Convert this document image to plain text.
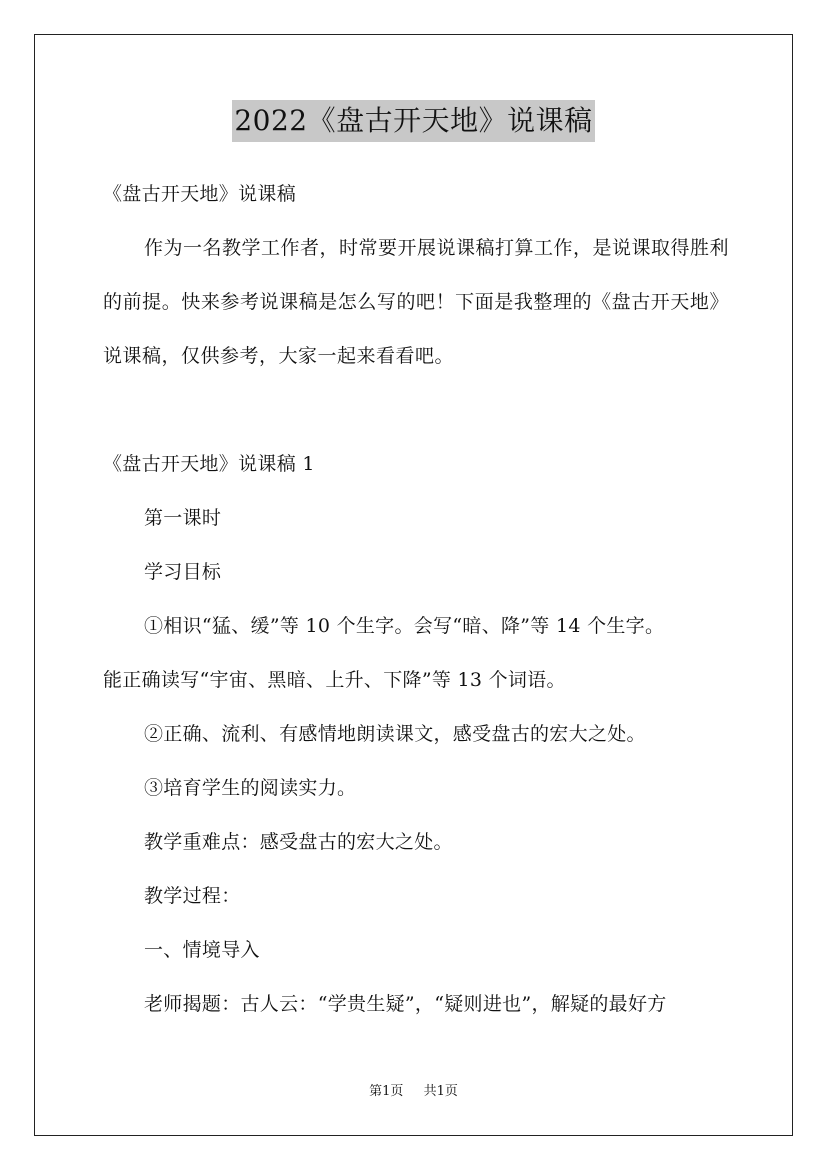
2022《盘古开天地》说课稿

《盘古开天地》说课稿

作为一名教学工作者，时常要开展说课稿打算工作，是说课取得胜利的前提。快来参考说课稿是怎么写的吧！下面是我整理的《盘古开天地》说课稿，仅供参考，大家一起来看看吧。

《盘古开天地》说课稿 1

第一课时

学习目标

①相识“猛、缓”等 10 个生字。会写“暗、降”等 14 个生字。

能正确读写“宇宙、黑暗、上升、下降”等 13 个词语。

②正确、流利、有感情地朗读课文，感受盘古的宏大之处。

③培育学生的阅读实力。

教学重难点：感受盘古的宏大之处。

教学过程：

一、情境导入

老师揭题：古人云：“学贵生疑”，“疑则进也”，解疑的最好方

第1页 共1页
